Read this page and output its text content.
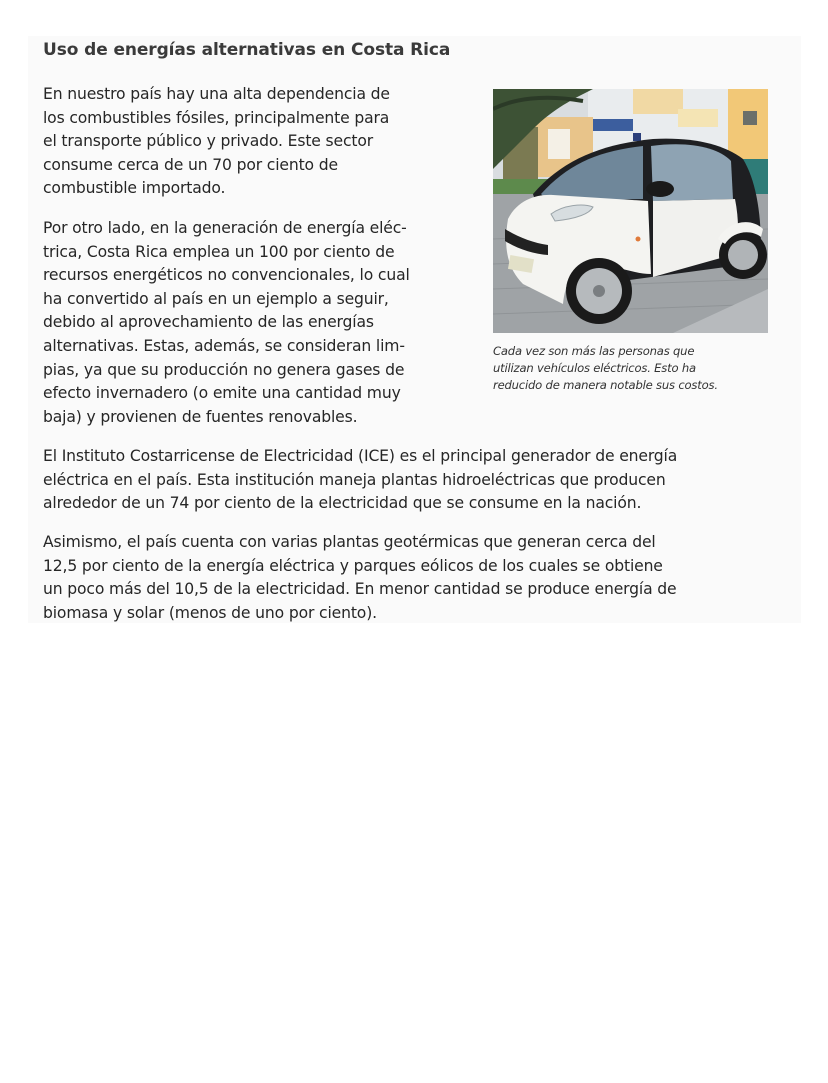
Uso de energías alternativas en Costa Rica

En nuestro país hay una alta dependencia de
los combustibles fósiles, principalmente para
el transporte público y privado. Este sector
consume cerca de un 70 por ciento de
combustible importado.

Por otro lado, en la generación de energía eléc-
trica, Costa Rica emplea un 100 por ciento de
recursos energéticos no convencionales, lo cual
ha convertido al país en un ejemplo a seguir,
debido al aprovechamiento de las energías
alternativas. Estas, además, se consideran lim-
pias, ya que su producción no genera gases de
efecto invernadero (o emite una cantidad muy
baja) y provienen de fuentes renovables.

Cada vez son más las personas que
utilizan vehículos eléctricos. Esto ha
reducido de manera notable sus costos.

El Instituto Costarricense de Electricidad (ICE) es el principal generador de energía
eléctrica en el país. Esta institución maneja plantas hidroeléctricas que producen
alrededor de un 74 por ciento de la electricidad que se consume en la nación.

Asimismo, el país cuenta con varias plantas geotérmicas que generan cerca del
12,5 por ciento de la energía eléctrica y parques eólicos de los cuales se obtiene
un poco más del 10,5 de la electricidad. En menor cantidad se produce energía de
biomasa y solar (menos de uno por ciento).
